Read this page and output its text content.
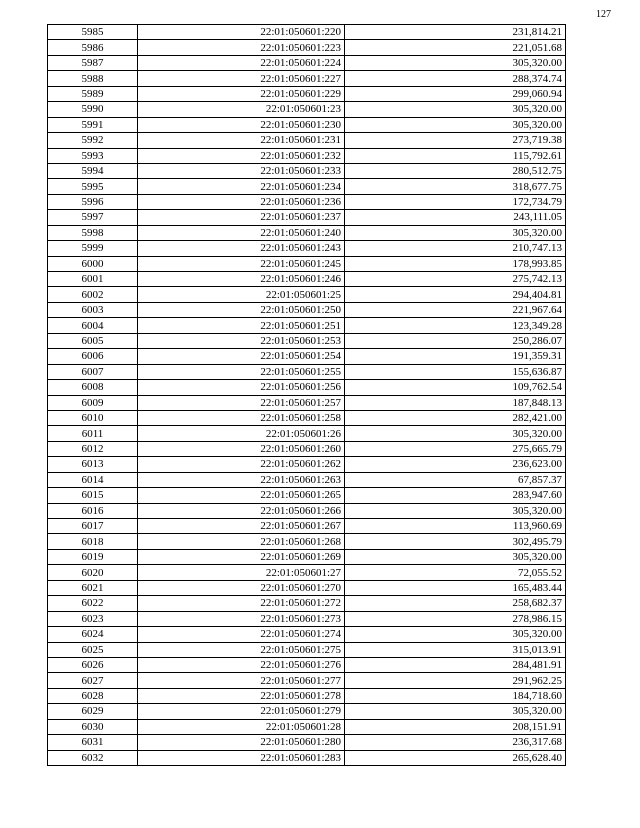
127
5985	22:01:050601:220	231,814.21
5986	22:01:050601:223	221,051.68
5987	22:01:050601:224	305,320.00
5988	22:01:050601:227	288,374.74
5989	22:01:050601:229	299,060.94
5990	22:01:050601:23	305,320.00
5991	22:01:050601:230	305,320.00
5992	22:01:050601:231	273,719.38
5993	22:01:050601:232	115,792.61
5994	22:01:050601:233	280,512.75
5995	22:01:050601:234	318,677.75
5996	22:01:050601:236	172,734.79
5997	22:01:050601:237	243,111.05
5998	22:01:050601:240	305,320.00
5999	22:01:050601:243	210,747.13
6000	22:01:050601:245	178,993.85
6001	22:01:050601:246	275,742.13
6002	22:01:050601:25	294,404.81
6003	22:01:050601:250	221,967.64
6004	22:01:050601:251	123,349.28
6005	22:01:050601:253	250,286.07
6006	22:01:050601:254	191,359.31
6007	22:01:050601:255	155,636.87
6008	22:01:050601:256	109,762.54
6009	22:01:050601:257	187,848.13
6010	22:01:050601:258	282,421.00
6011	22:01:050601:26	305,320.00
6012	22:01:050601:260	275,665.79
6013	22:01:050601:262	236,623.00
6014	22:01:050601:263	67,857.37
6015	22:01:050601:265	283,947.60
6016	22:01:050601:266	305,320.00
6017	22:01:050601:267	113,960.69
6018	22:01:050601:268	302,495.79
6019	22:01:050601:269	305,320.00
6020	22:01:050601:27	72,055.52
6021	22:01:050601:270	165,483.44
6022	22:01:050601:272	258,682.37
6023	22:01:050601:273	278,986.15
6024	22:01:050601:274	305,320.00
6025	22:01:050601:275	315,013.91
6026	22:01:050601:276	284,481.91
6027	22:01:050601:277	291,962.25
6028	22:01:050601:278	184,718.60
6029	22:01:050601:279	305,320.00
6030	22:01:050601:28	208,151.91
6031	22:01:050601:280	236,317.68
6032	22:01:050601:283	265,628.40
